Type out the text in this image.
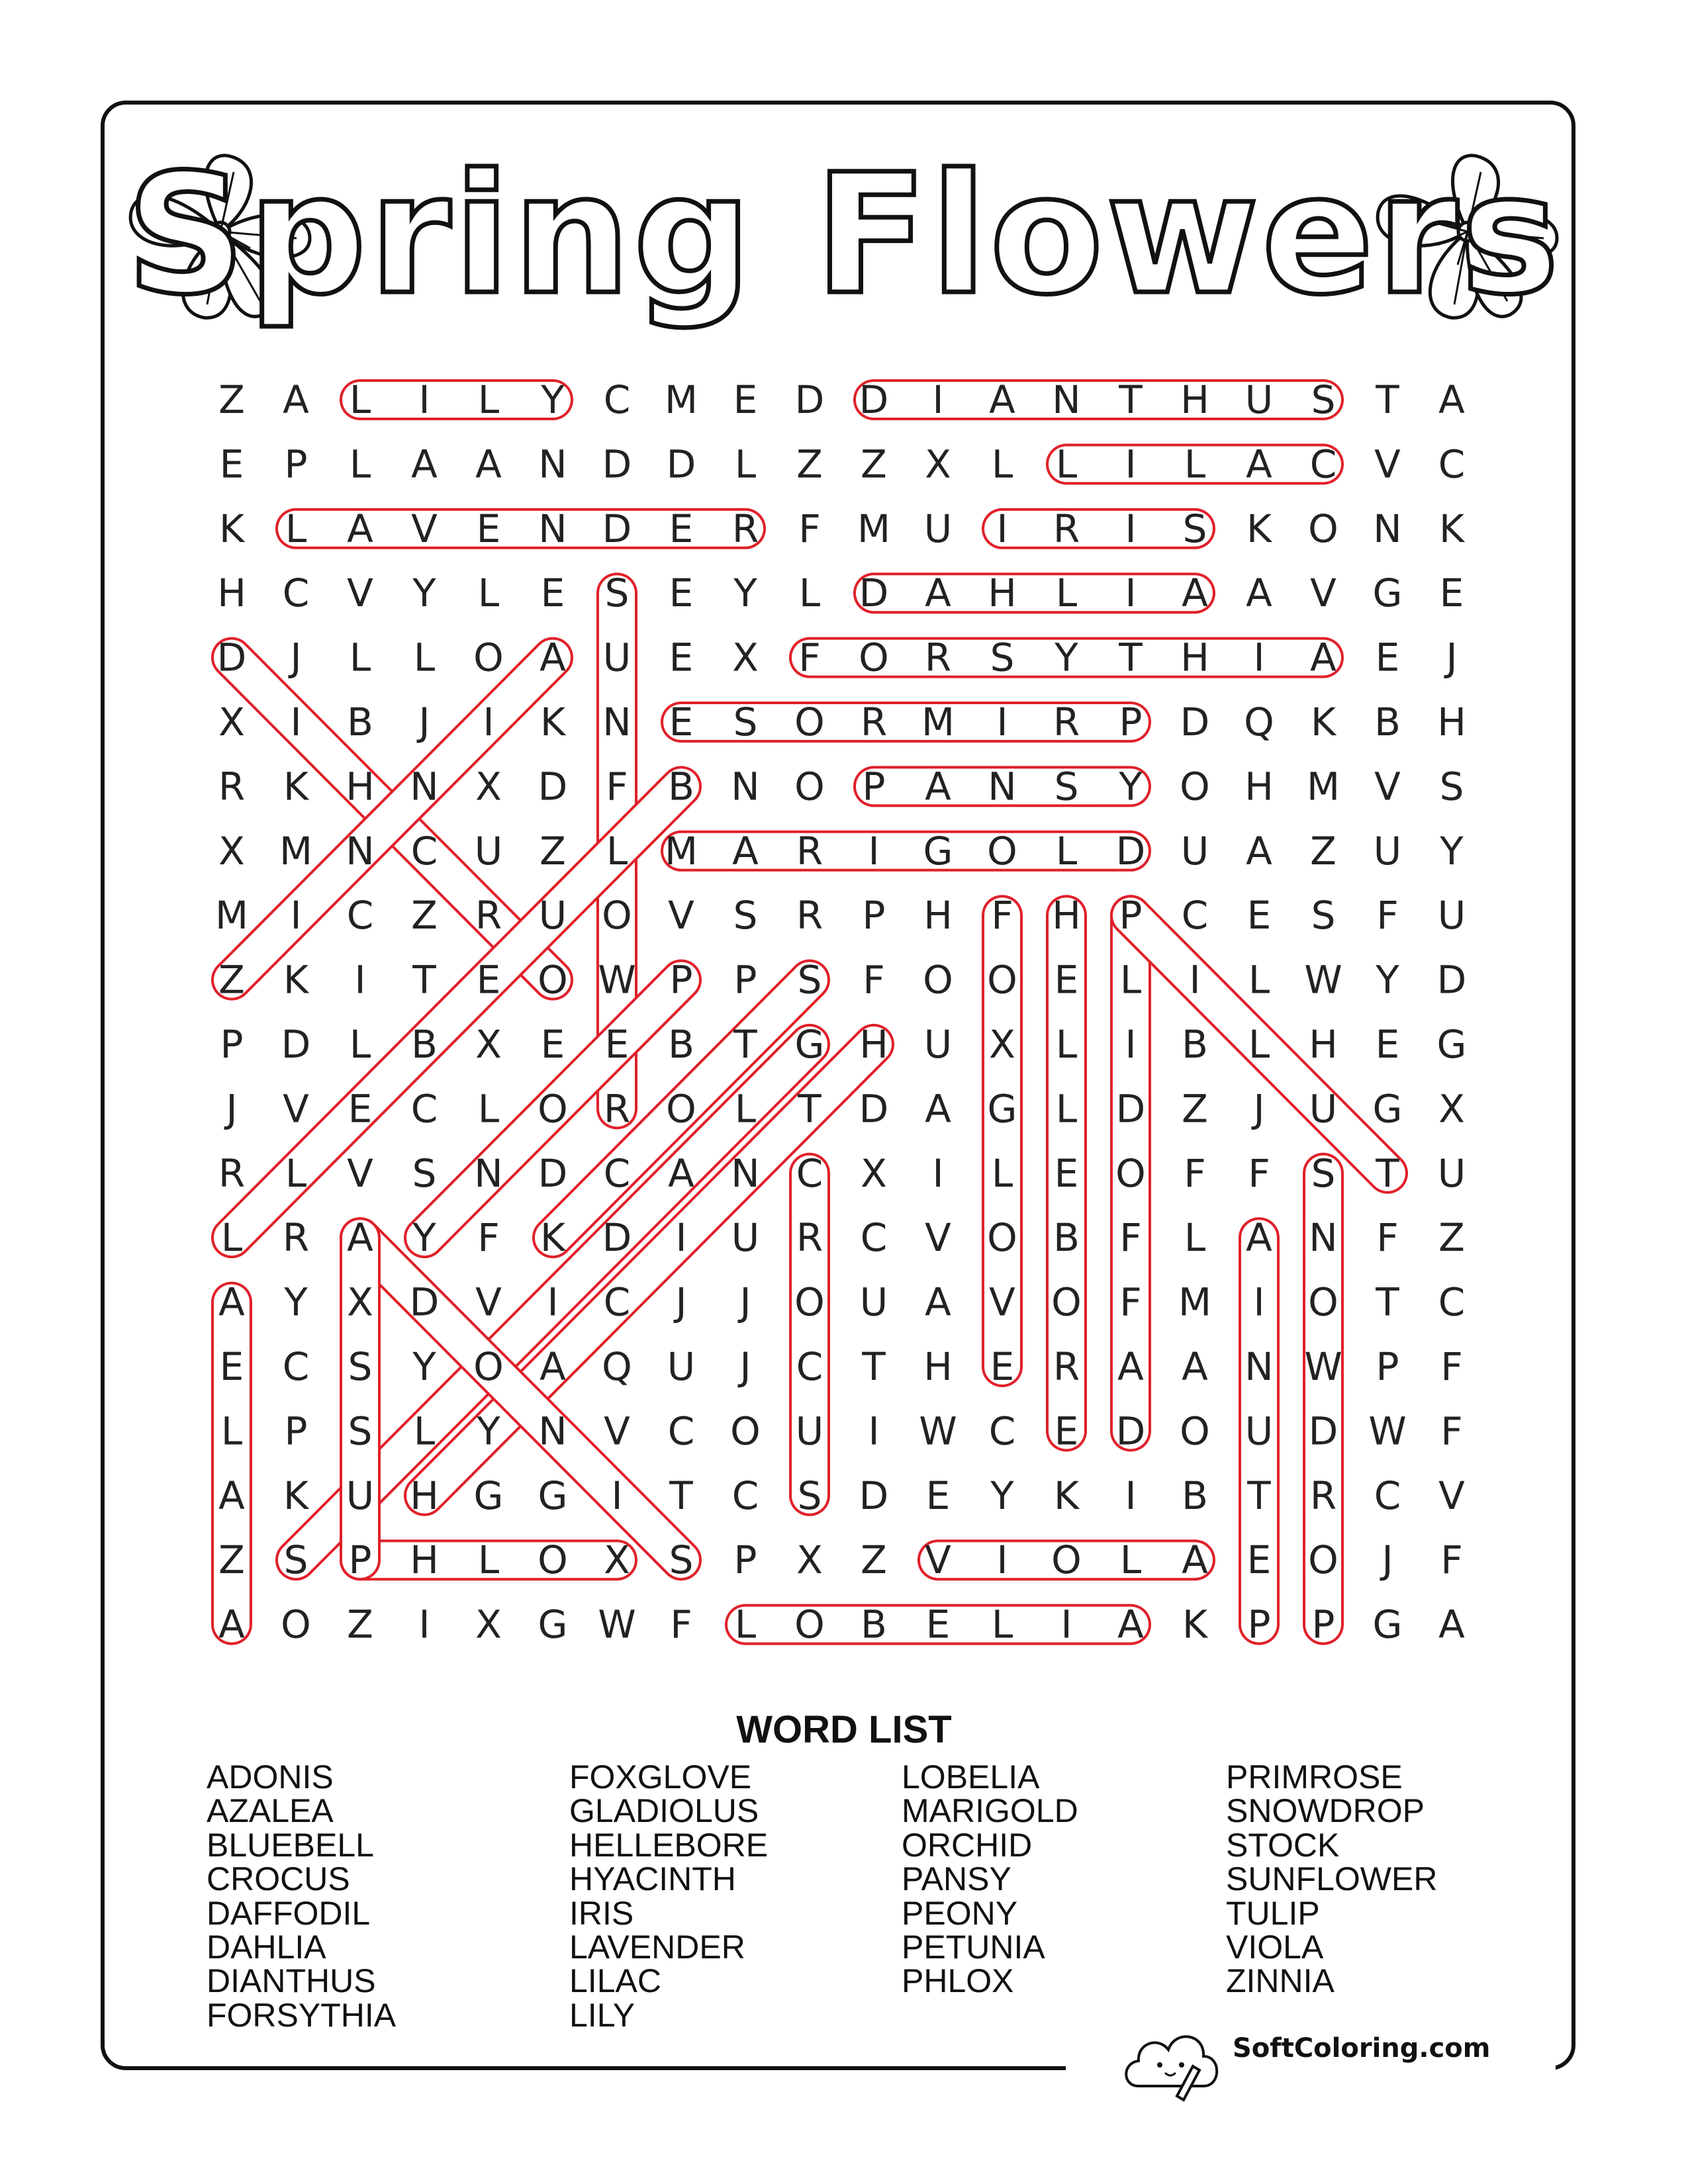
Spring Flowers
Z A L I L Y C M E D D I A N T H U S T A
E P L A A N D D L Z Z X L L I L A C V C
K L A V E N D E R F M U I R I S K O N K
H C V Y L E S E Y L D A H L I A A V G E
D J L L O A U E X F O R S Y T H I A E J
X I B J I K N E S O R M I R P D Q K B H
R K H N X D F B N O P A N S Y O H M V S
X M N C U Z L M A R I G O L D U A Z U Y
M I C Z R U O V S R P H F H P C E S F U
Z K I T E O W P P S F O O E L I L W Y D
P D L B X E E B T G H U X L I B L H E G
J V E C L O R O L T D A G L D Z J U G X
R L V S N D C A N C X I L E O F F S T U
L R A Y F K D I U R C V O B F L A N F Z
A Y X D V I C J J O U A V O F M I O T C
E C S Y O A Q U J C T H E R A A N W P F
L P S L Y N V C O U I W C E D O U D W F
A K U H G G I T C S D E Y K I B T R C V
Z S P H L O X S P X Z V I O L A E O J F
A O Z I X G W F L O B E L I A K P P G A
WORD LIST
ADONIS
AZALEA
BLUEBELL
CROCUS
DAFFODIL
DAHLIA
DIANTHUS
FORSYTHIA
FOXGLOVE
GLADIOLUS
HELLEBORE
HYACINTH
IRIS
LAVENDER
LILAC
LILY
LOBELIA
MARIGOLD
ORCHID
PANSY
PEONY
PETUNIA
PHLOX
PRIMROSE
SNOWDROP
STOCK
SUNFLOWER
TULIP
VIOLA
ZINNIA
SoftColoring.com
